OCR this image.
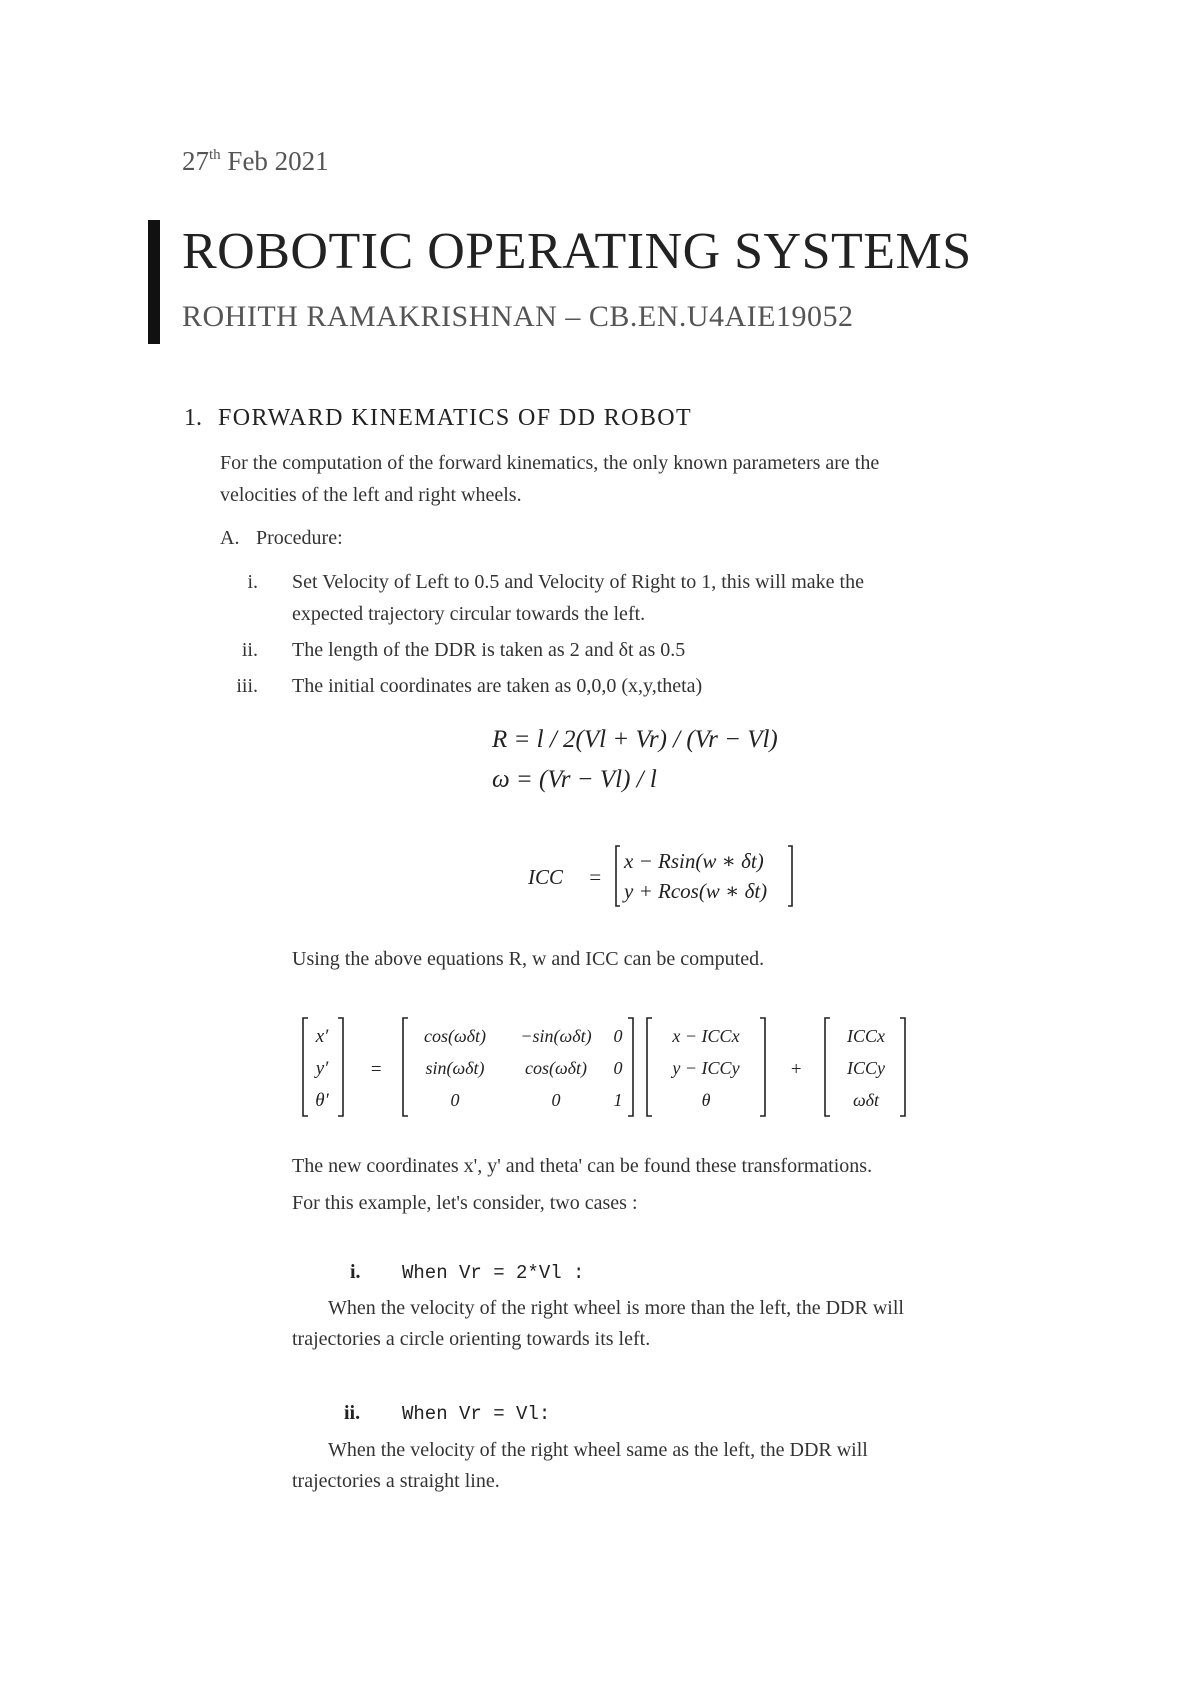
27th Feb 2021
ROBOTIC OPERATING SYSTEMS
ROHITH RAMAKRISHNAN – CB.EN.U4AIE19052
1. FORWARD KINEMATICS OF DD ROBOT
For the computation of the forward kinematics, the only known parameters are the
velocities of the left and right wheels.
A. Procedure:
i. Set Velocity of Left to 0.5 and Velocity of Right to 1, this will make the
expected trajectory circular towards the left.
ii. The length of the DDR is taken as 2 and δt as 0.5
iii. The initial coordinates are taken as 0,0,0 (x,y,theta)
R = l / 2(Vl + Vr) / (Vr − Vl)
ω = (Vr − Vl) / l
ICC =
x − Rsin(w ∗ δt)
y + Rcos(w ∗ δt)
Using the above equations R, w and ICC can be computed.
x′
y′
θ′
=
cos(ωδt) −sin(ωδt) 0
sin(ωδt) cos(ωδt) 0
0	0	1
x − ICCx
y − ICCy
θ
+
ICCx
ICCy
ωδt
The new coordinates x', y' and theta' can be found these transformations.
For this example, let's consider, two cases :
i. When Vr = 2*Vl :
When the velocity of the right wheel is more than the left, the DDR will
trajectories a circle orienting towards its left.
ii. When Vr = Vl:
When the velocity of the right wheel same as the left, the DDR will
trajectories a straight line.
